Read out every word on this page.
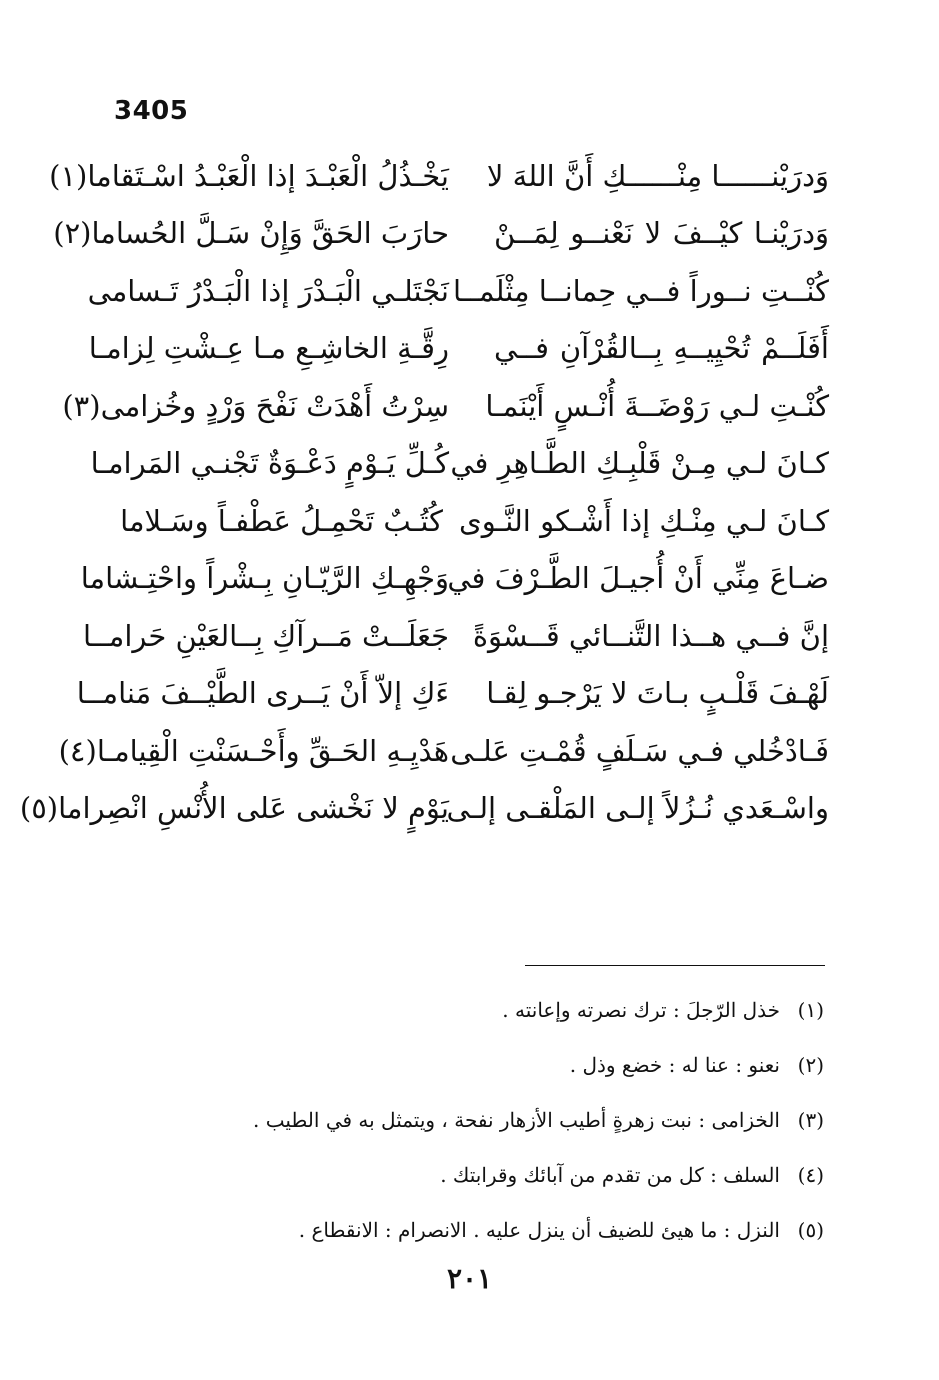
3405
وَدرَيْنــــــا مِنْــــــكِ أَنَّ اللهَ لا
يَخْـذُلُ الْعَبْـدَ إذا الْعَبْـدُ اسْـتَقاما(١)
وَدرَيْنـا كيْــفَ لا نَعْنــو لِمَــنْ
حارَبَ الحَقَّ وَإِنْ سَـلَّ الحُساما(٢)
كُنْــتِ نــوراً فــي حِمانــا مِثْلَمــا
نَجْتَلـي الْبَـدْرَ إذا الْبَـدْرُ تَـسامى
أَفَلَــمْ تُحْيِيــهِ بِــالقُرْآنِ فــي
رِقَّـةِ الخاشِـعِ مـا عِـشْتِ لِزامـا
كُنْـتِ لـي رَوْضَــةَ أُنْـسٍ أَيْنَمـا
سِرْتُ أَهْدَتْ نَفْحَ وَرْدٍ وخُزامى(٣)
كـانَ لـي مِـنْ قَلْبِـكِ الطَّـاهِرِ في
كُـلِّ يَـوْمٍ دَعْـوَةٌ تَجْنـي المَرامـا
كـانَ لـي مِنْـكِ إذا أَشْـكو النَّـوى
كُتُـبٌ تَحْمِـلُ عَطْفـاً وسَـلاما
ضـاعَ مِنِّي أَنْ أُجيـلَ الطَّـرْفَ في
وَجْهِـكِ الرَّيّـانِ بِـشْراً واحْتِـشاما
إنَّ فــي هــذا التَّنــائي قَــسْوَةً
جَعَلَــتْ مَــرآكِ بِــالعَيْنِ حَرامــا
لَهْـفَ قَلْـبٍ بـاتَ لا يَرْجـو لِقـا
ءَكِ إلاّ أَنْ يَــرى الطَّيْــفَ مَنامــا
فَـادْخُلي فـي سَـلَفٍ قُمْـتِ عَلـى
هَدْيِـهِ الحَـقِّ وأَحْـسَنْتِ الْقِيامـا(٤)
واسْـعَدي نُـزُلاً إلـى المَلْقـى إلـى
يَوْمٍ لا نَخْشى عَلى الأُنْسِ انْصِراما(٥)
(١)
خذل الرّجلَ : ترك نصرته وإعانته .
(٢)
نعنو : عنا له : خضع وذل .
(٣)
الخزامى : نبت زهرةٍ أطيب الأزهار نفحة ، ويتمثل به في الطيب .
(٤)
السلف : كل من تقدم من آبائك وقرابتك .
(٥)
النزل : ما هيئ للضيف أن ينزل عليه . الانصرام : الانقطاع .
٢٠١
